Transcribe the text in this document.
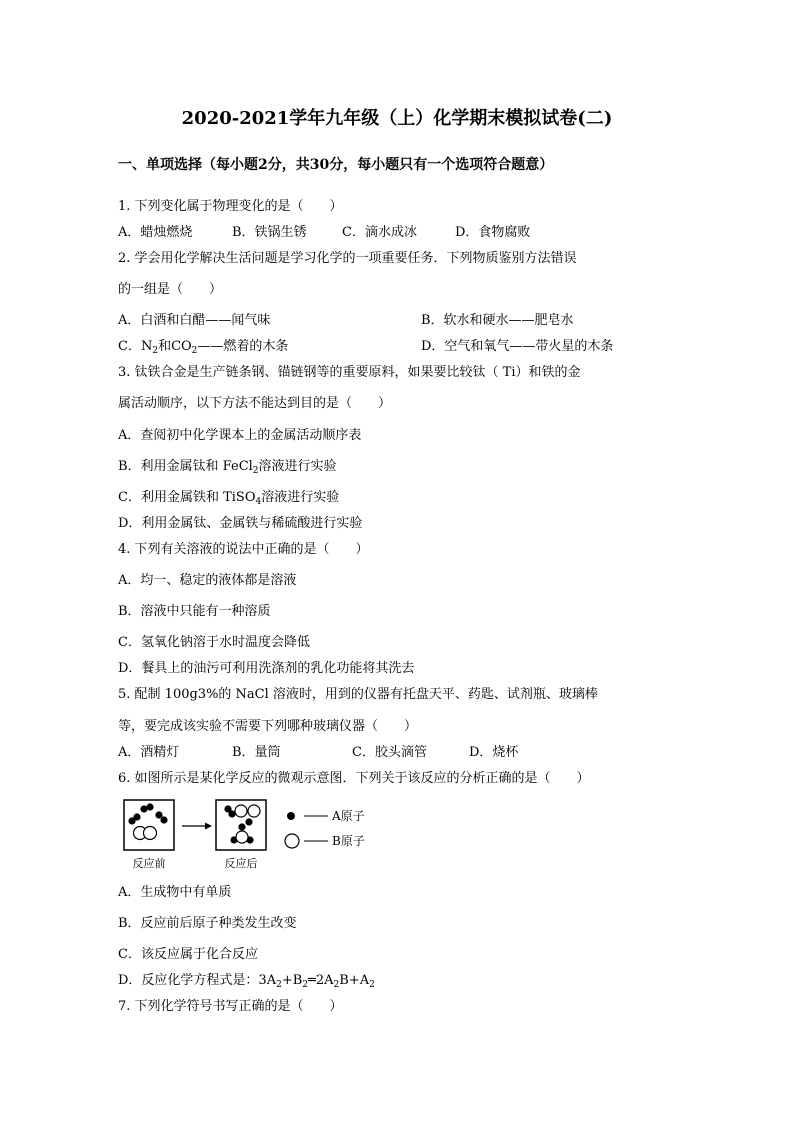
2020-2021学年九年级（上）化学期末模拟试卷(二)
一、单项选择（每小题2分，共30分，每小题只有一个选项符合题意）
1. 下列变化属于物理变化的是（　　）
A．蜡烛燃烧	B．铁锅生锈	C．滴水成冰	D．食物腐败
2. 学会用化学解决生活问题是学习化学的一项重要任务．下列物质鉴别方法错误
的一组是（　　）
A．白酒和白醋——闻气味	B．软水和硬水——肥皂水
C．$N_2$和$CO_2——$燃着的木条	D．空气和氧气——带火星的木条
3. 钛铁合金是生产链条钢、锚链钢等的重要原料，如果要比较钛（ Ti）和铁的金
属活动顺序，以下方法不能达到目的是（　　）
A．查阅初中化学课本上的金属活动顺序表
B．利用金属钛和 FeCl$_2$溶液进行实验
C．利用金属铁和 TiSO$_4$溶液进行实验
D．利用金属钛、金属铁与稀硫酸进行实验
4. 下列有关溶液的说法中正确的是（　　）
A．均一、稳定的液体都是溶液
B．溶液中只能有一种溶质
C．氢氧化钠溶于水时温度会降低
D．餐具上的油污可利用洗涤剂的乳化功能将其洗去
5. 配制 100g3%的 NaCl 溶液时，用到的仪器有托盘天平、药匙、试剂瓶、玻璃棒
等，要完成该实验不需要下列哪种玻璃仪器（　　）
A．酒精灯	B．量筒	C．胶头滴管	D．烧杯
6. 如图所示是某化学反应的微观示意图．下列关于该反应的分析正确的是（　　）
反应前	反应后
A原子
B原子
A．生成物中有单质
B．反应前后原子种类发生改变
C．该反应属于化合反应
D．反应化学方程式是：$3A_2+B_2═2A_2B+A_2$
7. 下列化学符号书写正确的是（　　）
